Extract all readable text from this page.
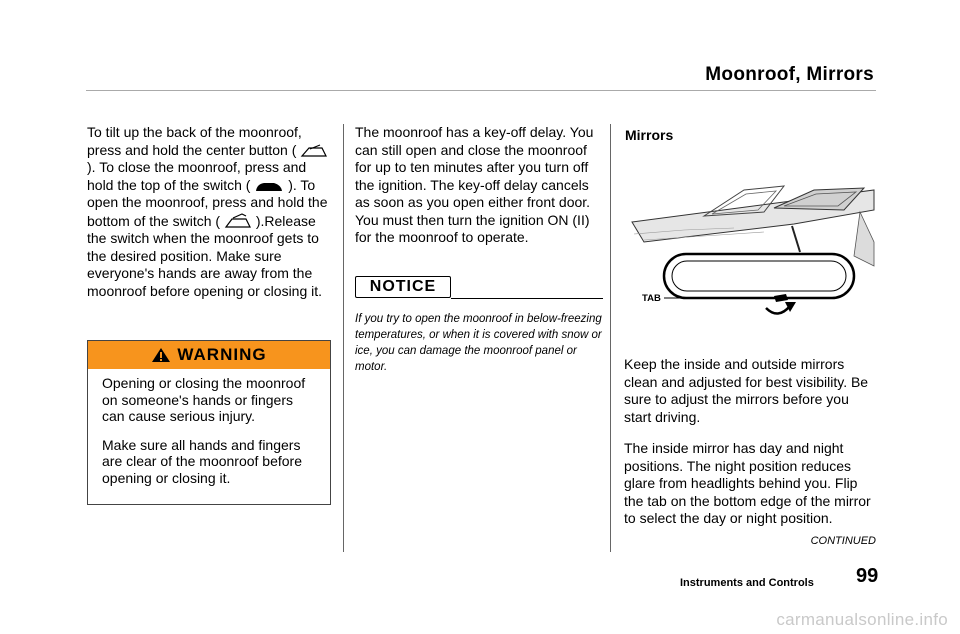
Moonroof, Mirrors

To tilt up the back of the moonroof, press and hold the center button (  ). To close the moonroof, press and hold the top of the switch (	). To open the moonroof, press and hold the bottom of the switch (	).Release the switch when the moonroof gets to the desired position. Make sure everyone's hands are away from the moonroof before opening or closing it.

WARNING

Opening or closing the moonroof on someone's hands or fingers can cause serious injury.

Make sure all hands and fingers are clear of the moonroof before opening or closing it.

The moonroof has a key-off delay. You can still open and close the moonroof for up to ten minutes after you turn off the ignition. The key-off delay cancels as soon as you open either front door. You must then turn the ignition ON (II) for the moonroof to operate.

NOTICE
If you try to open the moonroof in below-freezing temperatures, or when it is covered with snow or ice, you can damage the moonroof panel or motor.
Mirrors
TAB

Keep the inside and outside mirrors clean and adjusted for best visibility. Be sure to adjust the mirrors before you start driving.

The inside mirror has day and night positions. The night position reduces glare from headlights behind you. Flip the tab on the bottom edge of the mirror to select the day or night position.

CONTINUED
Instruments and Controls 99
carmanualsonline.info
